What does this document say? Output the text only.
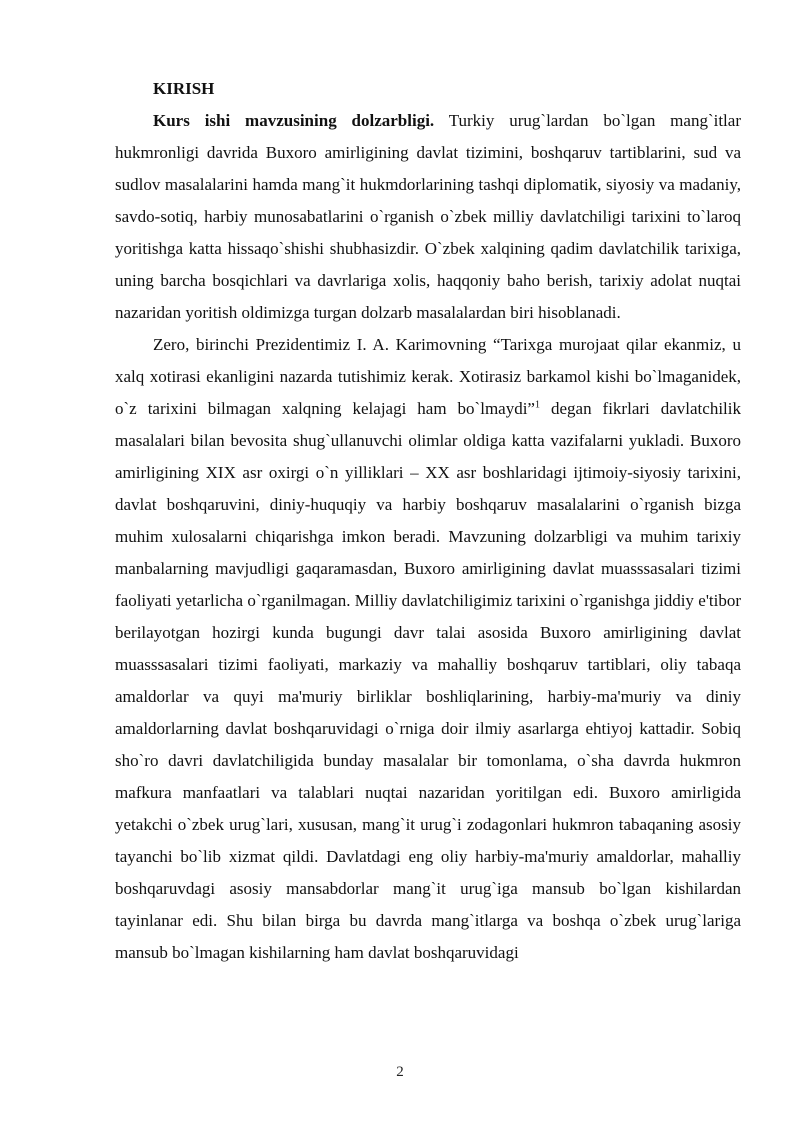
KIRISH

Kurs ishi mavzusining dolzarbligi. Turkiy urug`lardan bo`lgan mang`itlar hukmronligi davrida Buxoro amirligining davlat tizimini, boshqaruv tartiblarini, sud va sudlov masalalarini hamda mang`it hukmdorlarining tashqi diplomatik, siyosiy va madaniy, savdo-sotiq, harbiy munosabatlarini o`rganish o`zbek milliy davlatchiligi tarixini to`laroq yoritishga katta hissaqo`shishi shubhasizdir. O`zbek xalqining qadim davlatchilik tarixiga, uning barcha bosqichlari va davrlariga xolis, haqqoniy baho berish, tarixiy adolat nuqtai nazaridan yoritish oldimizga turgan dolzarb masalalardan biri hisoblanadi.

Zero, birinchi Prezidentimiz I. A. Karimovning “Tarixga murojaat qilar ekanmiz, u xalq xotirasi ekanligini nazarda tutishimiz kerak. Xotirasiz barkamol kishi bo`lmaganidek, o`z tarixini bilmagan xalqning kelajagi ham bo`lmaydi”$^1$ degan fikrlari davlatchilik masalalari bilan bevosita shug`ullanuvchi olimlar oldiga katta vazifalarni yukladi. Buxoro amirligining XIX asr oxirgi o`n yilliklari – XX asr boshlaridagi ijtimoiy-siyosiy tarixini, davlat boshqaruvini, diniy-huquqiy va harbiy boshqaruv masalalarini o`rganish bizga muhim xulosalarni chiqarishga imkon beradi. Mavzuning dolzarbligi va muhim tarixiy manbalarning mavjudligi gaqaramasdan, Buxoro amirligining davlat muasssasalari tizimi faoliyati yetarlicha o`rganilmagan. Milliy davlatchiligimiz tarixini o`rganishga jiddiy e'tibor berilayotgan hozirgi kunda bugungi davr talai asosida Buxoro amirligining davlat muasssasalari tizimi faoliyati, markaziy va mahalliy boshqaruv tartiblari, oliy tabaqa amaldorlar va quyi ma'muriy birliklar boshliqlarining, harbiy-ma'muriy va diniy amaldorlarning davlat boshqaruvidagi o`rniga doir ilmiy asarlarga ehtiyoj kattadir. Sobiq sho`ro davri davlatchiligida bunday masalalar bir tomonlama, o`sha davrda hukmron mafkura manfaatlari va talablari nuqtai nazaridan yoritilgan edi. Buxoro amirligida yetakchi o`zbek urug`lari, xususan, mang`it urug`i zodagonlari hukmron tabaqaning asosiy tayanchi bo`lib xizmat qildi. Davlatdagi eng oliy harbiy-ma'muriy amaldorlar, mahalliy boshqaruvdagi asosiy mansabdorlar mang`it urug`iga mansub bo`lgan kishilardan tayinlanar edi. Shu bilan birga bu davrda mang`itlarga va boshqa o`zbek urug`lariga mansub bo`lmagan kishilarning ham davlat boshqaruvidagi

2
